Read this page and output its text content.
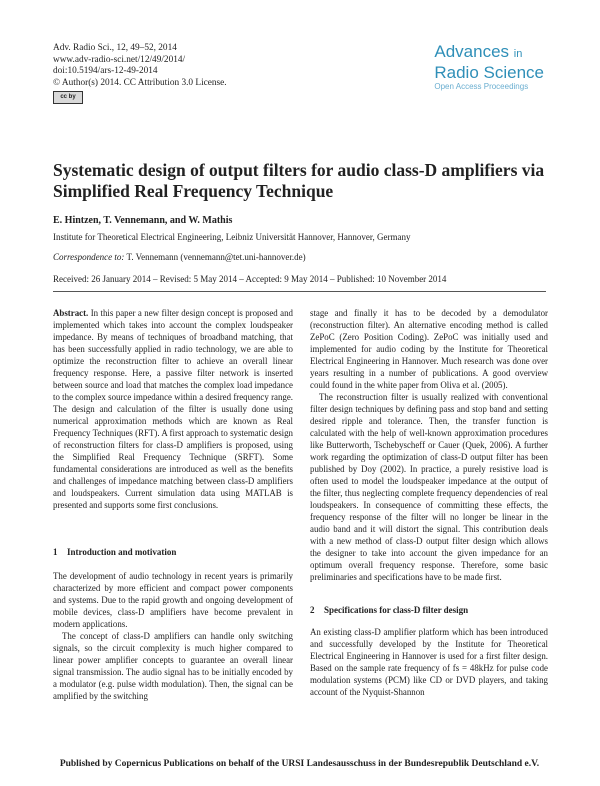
Adv. Radio Sci., 12, 49–52, 2014
www.adv-radio-sci.net/12/49/2014/
doi:10.5194/ars-12-49-2014
© Author(s) 2014. CC Attribution 3.0 License.
cc by
Advances in
Radio Science
Open Access Proceedings
Systematic design of output filters for audio class-D amplifiers via Simplified Real Frequency Technique
E. Hintzen, T. Vennemann, and W. Mathis
Institute for Theoretical Electrical Engineering, Leibniz Universität Hannover, Hannover, Germany
Correspondence to: T. Vennemann (vennemann@tet.uni-hannover.de)
Received: 26 January 2014 – Revised: 5 May 2014 – Accepted: 9 May 2014 – Published: 10 November 2014

Abstract. In this paper a new filter design concept is proposed and implemented which takes into account the complex loudspeaker impedance. By means of techniques of broadband matching, that has been successfully applied in radio technology, we are able to optimize the reconstruction filter to achieve an overall linear frequency response. Here, a passive filter network is inserted between source and load that matches the complex load impedance to the complex source impedance within a desired frequency range. The design and calculation of the filter is usually done using numerical approximation methods which are known as Real Frequency Techniques (RFT). A first approach to systematic design of reconstruction filters for class-D amplifiers is proposed, using the Simplified Real Frequency Technique (SRFT). Some fundamental considerations are introduced as well as the benefits and challenges of impedance matching between class-D amplifiers and loudspeakers. Current simulation data using MATLAB is presented and supports some first conclusions.

1 Introduction and motivation

The development of audio technology in recent years is primarily characterized by more efficient and compact power components and systems. Due to the rapid growth and ongoing development of mobile devices, class-D amplifiers have become prevalent in modern applications.

The concept of class-D amplifiers can handle only switching signals, so the circuit complexity is much higher compared to linear power amplifier concepts to guarantee an overall linear signal transmission. The audio signal has to be initially encoded by a modulator (e.g. pulse width modulation). Then, the signal can be amplified by the switching

stage and finally it has to be decoded by a demodulator (reconstruction filter). An alternative encoding method is called ZePoC (Zero Position Coding). ZePoC was initially used and implemented for audio coding by the Institute for Theoretical Electrical Engineering in Hannover. Much research was done over years resulting in a number of publications. A good overview could found in the white paper from Oliva et al. (2005).

The reconstruction filter is usually realized with conventional filter design techniques by defining pass and stop band and setting desired ripple and tolerance. Then, the transfer function is calculated with the help of well-known approximation procedures like Butterworth, Tschebyscheff or Cauer (Quek, 2006). A further work regarding the optimization of class-D output filter has been published by Doy (2002). In practice, a purely resistive load is often used to model the loudspeaker impedance at the output of the filter, thus neglecting complete frequency dependencies of real loudspeakers. In consequence of committing these effects, the frequency response of the filter will no longer be linear in the audio band and it will distort the signal. This contribution deals with a new method of class-D output filter design which allows the designer to take into account the given impedance for an optimum overall frequency response. Therefore, some basic preliminaries and specifications have to be made first.

2 Specifications for class-D filter design

An existing class-D amplifier platform which has been introduced and successfully developed by the Institute for Theoretical Electrical Engineering in Hannover is used for a first filter design. Based on the sample rate frequency of fs = 48kHz for pulse code modulation systems (PCM) like CD or DVD players, and taking account of the Nyquist-Shannon

Published by Copernicus Publications on behalf of the URSI Landesausschuss in der Bundesrepublik Deutschland e.V.
